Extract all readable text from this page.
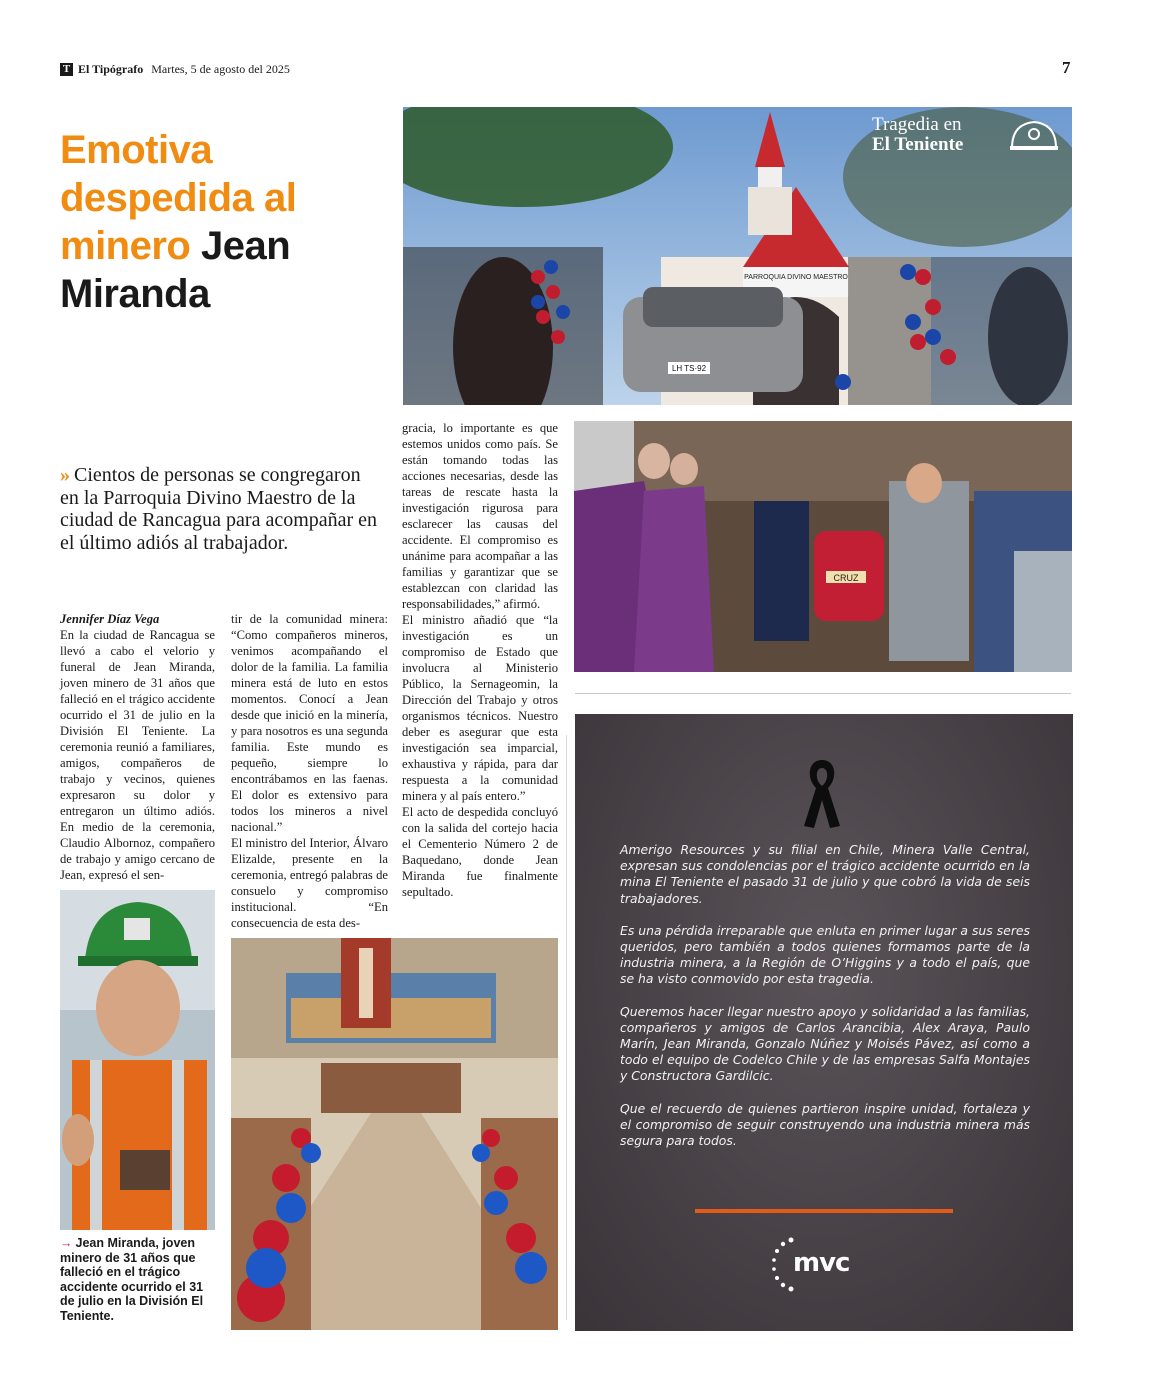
T El Tipógrafo Martes, 5 de agosto del 2025	7
Emotiva despedida al minero Jean Miranda
» Cientos de personas se congregaron en la Parroquia Divino Maestro de la ciudad de Rancagua para acompañar en el último adiós al trabajador.

Jennifer Díaz Vega

En la ciudad de Rancagua se llevó a cabo el velorio y funeral de Jean Miranda, joven minero de 31 años que falleció en el trágico accidente ocurrido el 31 de julio en la División El Teniente. La ceremonia reunió a familiares, amigos, compañeros de trabajo y vecinos, quienes expresaron su dolor y entregaron un último adiós. En medio de la ceremonia, Claudio Albornoz, compañero de trabajo y amigo cercano de Jean, expresó el sen-

tir de la comunidad minera: “Como compañeros mineros, venimos acompañando el dolor de la familia. La familia minera está de luto en estos momentos. Conocí a Jean desde que inició en la minería, y para nosotros es una segunda familia. Este mundo es pequeño, siempre lo encontrábamos en las faenas. El dolor es extensivo para todos los mineros a nivel nacional.”

El ministro del Interior, Álvaro Elizalde, presente en la ceremonia, entregó palabras de consuelo y compromiso institucional. “En consecuencia de esta des-

gracia, lo importante es que estemos unidos como país. Se están tomando todas las acciones necesarias, desde las tareas de rescate hasta la investigación rigurosa para esclarecer las causas del accidente. El compromiso es unánime para acompañar a las familias y garantizar que se establezcan con claridad las responsabilidades,” afirmó.

El ministro añadió que “la investigación es un compromiso de Estado que involucra al Ministerio Público, la Sernageomin, la Dirección del Trabajo y otros organismos técnicos. Nuestro deber es asegurar que esta investigación sea imparcial, exhaustiva y rápida, para dar respuesta a la comunidad minera y al país entero.”

El acto de despedida concluyó con la salida del cortejo hacia el Cementerio Número 2 de Baquedano, donde Jean Miranda fue finalmente sepultado.

PARROQUIA DIVINO MAESTRO
LH TS·92
Tragedia en
El Teniente
CRUZ
→ Jean Miranda, joven minero de 31 años que falleció en el trágico accidente ocurrido el 31 de julio en la División El Teniente.

Amerigo Resources y su filial en Chile, Minera Valle Central, expresan sus condolencias por el trágico accidente ocurrido en la mina El Teniente el pasado 31 de julio y que cobró la vida de seis trabajadores.

Es una pérdida irreparable que enluta en primer lugar a sus seres queridos, pero también a todos quienes formamos parte de la industria minera, a la Región de O’Higgins y a todo el país, que se ha visto conmovido por esta tragedia.

Queremos hacer llegar nuestro apoyo y solidaridad a las familias, compañeros y amigos de Carlos Arancibia, Alex Araya, Paulo Marín, Jean Miranda, Gonzalo Núñez y Moisés Pávez, así como a todo el equipo de Codelco Chile y de las empresas Salfa Montajes y Constructora Gardilcic.

Que el recuerdo de quienes partieron inspire unidad, fortaleza y el compromiso de seguir construyendo una industria minera más segura para todos.

mvc
